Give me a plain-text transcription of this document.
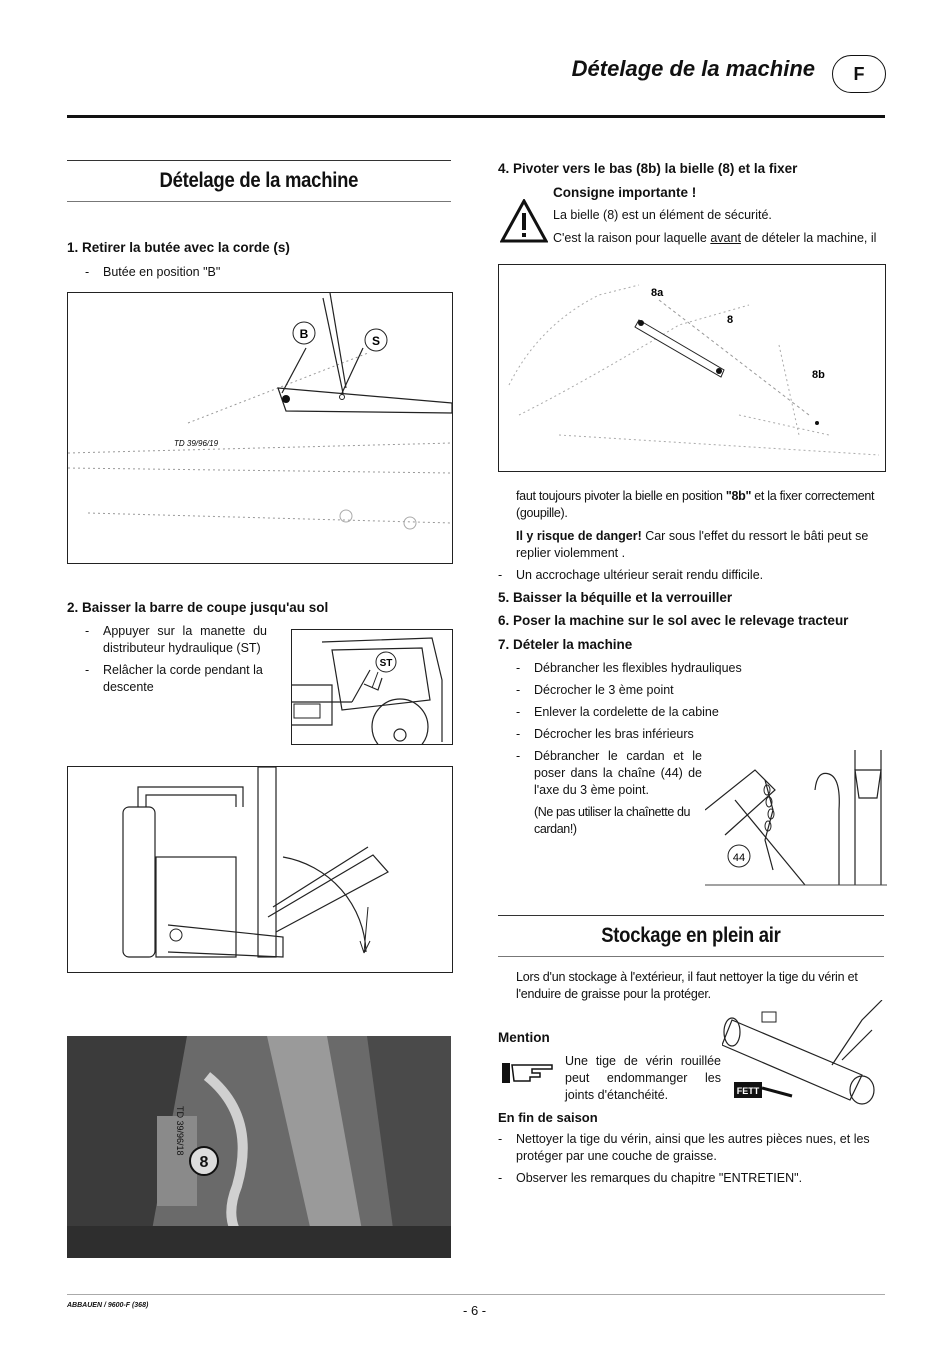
Dételage de la machine	F
Dételage de la machine
1. Retirer la butée avec la corde (s)
- Butée en position "B"
B	S
TD 39/96/19
2. Baisser la barre de coupe jusqu'au sol
- Appuyer sur la manette du distributeur hydraulique (ST)
- Relâcher la corde pendant la descente
ST
8
TD 39/96/18
4. Pivoter vers le bas (8b) la bielle (8) et la fixer
Consigne importante !
La bielle (8) est un élément de sécurité.
C'est la raison pour laquelle avant de dételer la machine, il
8a
8
8b
faut toujours pivoter la bielle en position "8b" et la fixer correctement (goupille).
Il y risque de danger! Car sous l'effet du ressort le bâti peut se replier violemment .
- Un accrochage ultérieur serait rendu difficile.
5. Baisser la béquille et la verrouiller
6. Poser la machine sur le sol avec le relevage tracteur
7. Dételer la machine
- Débrancher les flexibles hydrauliques
- Décrocher le 3 ème point
- Enlever la cordelette de la cabine
- Décrocher les bras inférieurs
- Débrancher le cardan et le poser dans la chaîne (44) de l'axe du 3 ème point.
(Ne pas utiliser la chaînette du cardan!)
44
Stockage en plein air
Lors d'un stockage à l'extérieur, il faut nettoyer la tige du vérin et l'enduire de graisse pour la protéger.
Mention
Une tige de vérin rouillée peut endommanger les joints d'étanchéité.	FETT
En fin de saison
- Nettoyer la tige du vérin, ainsi que les autres pièces nues, et les protéger par une couche de graisse.
- Observer les remarques du chapitre "ENTRETIEN".
ABBAUEN / 9600-F (368)	- 6 -
